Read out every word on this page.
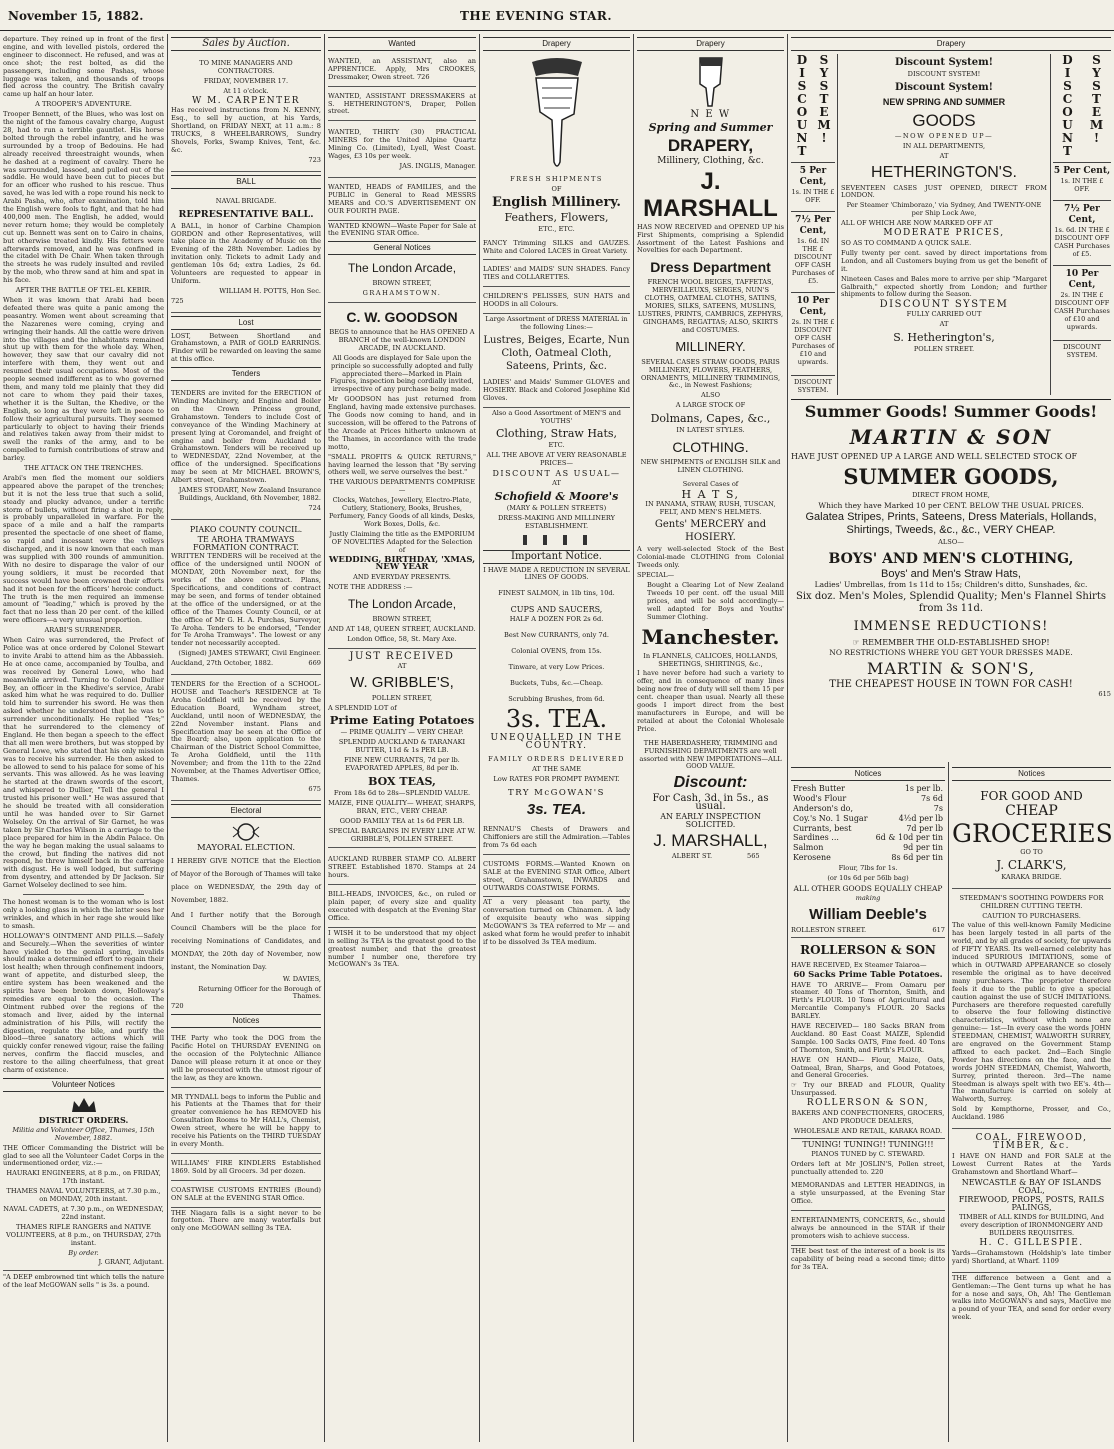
November 15, 1882.	THE EVENING STAR.

departure. They reined up in front of the first engine, and with levelled pistols, ordered the engineer to disconnect. He refused, and was at once shot; the rest bolted, as did the passengers, including some Pashas, whose luggage was taken, and thousands of troops fled across the country. The British cavalry came up half an hour later.

A TROOPER'S ADVENTURE.

Trooper Bennett, of the Blues, who was lost on the night of the famous cavalry charge, August 28, had to run a terrible gauntlet. His horse bolted through the rebel infantry, and he was surrounded by a troop of Bedouins. He had already received threestraight wounds, when he dashed at a regiment of cavalry. There he was surrounded, lassoed, and pulled out of the saddle. He would have been cut to pieces but for an officer who rushed to his rescue. Thus saved, he was led with a rope round his neck to Arabi Pasha, who, after examination, told him the English were fools to fight, and that he had 400,000 men. The English, he added, would never return home; they would be completely cut up. Bennett was sent on to Cairo in chains, but otherwise treated kindly. His fetters were afterwards removed, and he was confined in the citadel with De Chair. When taken through the streets he was rudely insulted and reviled by the mob, who threw sand at him and spat in his face.

AFTER THE BATTLE OF TEL-EL KEBIR.

When it was known that Arabi had been defeated there was quite a panic among the peasantry. Women went about screaming that the Nazarenes were coming, crying and wringing their hands. All the cattle were driven into the villages and the inhabitants remained shut up with them for the whole day. When, however, they saw that our cavalry did not interfere with them, they went out and resumed their usual occupations. Most of the people seemed indifferent as to who governed them, and many told me plainly that they did not care to whom they paid their taxes, whether it is the Sultan, the Khedive, or the English, so long as they were left in peace to follow their agricultural pursuits. They seemed particularly to object to having their friends and relatives taken away from their midst to swell the ranks of the army, and to be compelled to furnish contributions of straw and barley.

THE ATTACK ON THE TRENCHES.

Arabi's men fled the moment our soldiers appeared above the parapet of the trenches; but it is not the less true that such a solid, steady and plucky advance, under a terrific storm of bullets, without firing a shot in reply, is probably unparalleled in warfare. For the space of a mile and a half the ramparts presented the spectacle of one sheet of flame, so rapid and incessant were the volleys discharged, and it is now known that each man was supplied with 300 rounds of ammunition. With no desire to disparage the valor of our young soldiers, it must be recorded that success would have been crowned their efforts had it not been for the officers' heroic conduct. The truth is the men required an immense amount of "leading," which is proved by the fact that no less than 20 per cent. of the killed were officers—a very unusual proportion.

ARABI'S SURRENDER.

When Cairo was surrendered, the Prefect of Police was at once ordered by Colonel Stewart to invite Arabi to attend him as the Abbassieh. He at once came, accompanied by Toulba, and was received by General Lowe, who had meanwhile arrived. Turning to Colonel Dullier Bey, an officer in the Khedive's service, Arabi asked him what he was required to do. Dullier told him to surrender his sword. He was then asked whether he understood that he was to surrender unconditionally. He replied "Yes;" that he surrendered to the clemency of England. He then began a speech to the effect that all men were brothers, but was stopped by General Lowe, who stated that his only mission was to receive his surrender. He then asked to be allowed to send to his palace for some of his servants. This was allowed. As he was leaving he started at the drawn swords of the escort, and whispered to Dullier, "Tell the general I trusted his prisoner well." He was assured that he should be treated with all consideration until he was handed over to Sir Garnet Wolseley. On the arrival of Sir Garnet, he was taken by Sir Charles Wilson in a carriage to the place prepared for him in the Abdin Palace. On the way he began making the usual salaams to the crowd, but finding the natives did not respond, he threw himself back in the carriage with disgust. He is well lodged, but suffering from dysentry, and attended by Dr Jackson. Sir Garnet Wolseley declined to see him.

The honest woman is to the woman who is lost only a looking glass in which the latter sees her wrinkles, and which in her rage she would like to smash.

HOLLOWAY'S OINTMENT AND PILLS.—Safely and Securely.—When the severities of winter have yielded to the genial spring, invalids should make a determined effort to regain their lost health; when through confinement indoors, want of appetite, and disturbed sleep, the entire system has been weakened and the spirits have been broken down, Holloway's remedies are equal to the occasion. The Ointment rubbed over the regions of the stomach and liver, aided by the internal administration of his Pills, will rectify the digestion, regulate the bile, and purify the blood—three sanatory actions which will quickly confer renewed vigour, raise the failing nerves, confirm the flaccid muscles, and restore to the ailing cheerfulness, that great charm of existence.

Volunteer Notices

DISTRICT ORDERS.

Militia and Volunteer Office, Thames, 15th November, 1882.

THE Officer Commanding the District will be glad to see all the Volunteer Cadet Corps in the undermentioned order, viz.:—

HAURAKI ENGINEERS, at 8 p.m., on FRIDAY, 17th instant.

THAMES NAVAL VOLUNTEERS, at 7.30 p.m., on MONDAY, 20th instant.

NAVAL CADETS, at 7.30 p.m., on WEDNESDAY, 22nd instant.

THAMES RIFLE RANGERS and NATIVE VOLUNTEERS, at 8 p.m., on THURSDAY, 27th instant.

By order.

J. GRANT, Adjutant.

"A DEEP embrowned tint which tells the nature of the leaf McGOWAN sells " is 3s. a pound.

Sales by Auction.

TO MINE MANAGERS AND CONTRACTORS.

FRIDAY, NOVEMBER 17.

At 11 o'clock.

W M. CARPENTER

Has received instructions from N. KENNY, Esq., to sell by auction, at his Yards, Shortland, on FRIDAY NEXT, at 11 a.m.: 8 TRUCKS, 8 WHEELBARROWS, Sundry Shovels, Forks, Swamp Knives, Tent, &c. &c.

723

BALL

NAVAL BRIGADE.

REPRESENTATIVE BALL.

A BALL, in honor of Carbine Champion GORDON and other Representatives, will take place in the Academy of Music on the Evening of the 28th November. Ladies by invitation only. Tickets to admit Lady and gentleman 10s 6d; extra Ladies, 2s 6d. Volunteers are requested to appear in Uniform.

WILLIAM H. POTTS, Hon Sec.

725

Lost

LOST, Between Shortland and Grahamstown, a PAIR of GOLD EARRINGS. Finder will be rewarded on leaving the same at this office.

Tenders

TENDERS are invited for the ERECTION of Winding Machinery, and Engine and Boiler on the Crown Princess ground, Grahamstown. Tenders to include Cost of conveyance of the Winding Machinery at present lying at Coromandel, and freight of engine and boiler from Auckland to Grahamstown. Tenders will be received up to WEDNESDAY, 22nd November, at the office of the undersigned. Specifications may be seen at Mr MICHAEL BROWN'S, Albert street, Grahamstown.

JAMES STODART, New Zealand Insurance Buildings, Auckland, 6th November, 1882.

724

PIAKO COUNTY COUNCIL.

TE AROHA TRAMWAYS FORMATION CONTRACT.

WRITTEN TENDERS will be received at the office of the undersigned until NOON of MONDAY, 20th November next, for the works of the above contract. Plans, Specifications, and conditions of contract may be seen, and forms of tender obtained at the office of the undersigned, or at the office of the Thames County Council, or at the office of Mr G. H. A. Purchas, Surveyor, Te Aroha. Tenders to be endorsed, "Tender for Te Aroha Tramways". The lowest or any tender not necessarily accepted.

(Signed) JAMES STEWART, Civil Engineer.

Auckland, 27th October, 1882.	669

TENDERS for the Erection of a SCHOOL-HOUSE and Teacher's RESIDENCE at Te Aroha Goldfield will be received by the Education Board, Wyndham street, Auckland, until noon of WEDNESDAY, the 22nd November instant. Plans and Specification may be seen at the Office of the Board; also, upon application to the Chairman of the District School Committee, Te Aroha Goldfield, until the 11th November; and from the 11th to the 22nd November, at the Thames Advertiser Office, Thames.

675

Electoral

MAYORAL ELECTION.

I HEREBY GIVE NOTICE that the Election of Mayor of the Borough of Thames will take place on WEDNESDAY, the 29th day of November, 1882.

And I further notify that the Borough Council Chambers will be the place for receiving Nominations of Candidates, and MONDAY, the 20th day of November, now instant, the Nomination Day.

W. DAVIES,

Returning Officer for the Borough of Thames.

720

Notices

THE Party who took the DOG from the Pacific Hotel on THURSDAY EVENING on the occasion of the Polytechnic Alliance Dance will please return it at once or they will be prosecuted with the utmost rigour of the law, as they are known.

MR TYNDALL begs to inform the Public and his Patients at the Thames that for their greater convenience he has REMOVED his Consultation Rooms to Mr HALL's, Chemist, Owen street, where he will be happy to receive his Patients on the THIRD TUESDAY in every Month.

WILLIAMS' FIRE KINDLERS Established 1869. Sold by all Grocers. 3d per dozen.

COASTWISE CUSTOMS ENTRIES (Bound) ON SALE at the EVENING STAR Office.

THE Niagara falls is a sight never to be forgotten. There are many waterfalls but only one McGOWAN selling 3s TEA.

Wanted

WANTED, an ASSISTANT, also an APPRENTICE. Apply, Mrs CROOKES, Dressmaker, Owen street. 726

WANTED, ASSISTANT DRESSMAKERS at S. HETHERINGTON'S, Draper, Pollen street.

WANTED, THIRTY (30) PRACTICAL MINERS for the United Alpine Quartz Mining Co. (Limited), Lyell, West Coast. Wages, £3 10s per week.

JAS. INGLIS, Manager.

WANTED, HEADS of FAMILIES, and the PUBLIC in General to Read MESSRS MEARS and CO.'S ADVERTISEMENT ON OUR FOURTH PAGE.

WANTED KNOWN—Waste Paper for Sale at the EVENING STAR Office.

General Notices

The London Arcade,

BROWN STREET,

GRAHAMSTOWN.

C. W. GOODSON

BEGS to announce that he HAS OPENED A BRANCH of the well-known LONDON ARCADE, IN AUCKLAND.

All Goods are displayed for Sale upon the principle so successfully adopted and fully appreciated there—Marked in Plain Figures, inspection being cordially invited, irrespective of any purchase being made.

Mr GOODSON has just returned from England, having made extensive purchases. The Goods now coming to hand, and in succession, will be offered to the Patrons of the Arcade at Prices hitherto unknown at the Thames, in accordance with the trade motto,

"SMALL PROFITS & QUICK RETURNS," having learned the lesson that "By serving others well, we serve ourselves the best."

THE VARIOUS DEPARTMENTS COMPRISE—

Clocks, Watches, Jewellery, Electro-Plate, Cutlery, Stationery, Books, Brushes, Perfumery, Fancy Goods of all kinds, Desks, Work Boxes, Dolls, &c.

Justly Claiming the title as the EMPORIUM OF NOVELTIES Adapted for the Selection of

WEDDING, BIRTHDAY, 'XMAS, NEW YEAR

AND EVERYDAY PRESENTS.

NOTE THE ADDRESS :—

The London Arcade,

BROWN STREET,

AND AT 148, QUEEN STREET, AUCKLAND.

London Office, 58, St. Mary Axe.

JUST RECEIVED

AT

W. GRIBBLE'S,

POLLEN STREET,

A SPLENDID LOT of

Prime Eating Potatoes

— PRIME QUALITY — VERY CHEAP.

SPLENDID AUCKLAND & TARANAKI BUTTER, 11d & 1s PER LB.

FINE NEW CURRANTS, 7d per lb. EVAPORATED APPLES, 8d per lb.

BOX TEAS,

From 18s 6d to 28s—SPLENDID VALUE.

MAIZE, FINE QUALITY— WHEAT, SHARPS, BRAN, ETC., VERY CHEAP.

GOOD FAMILY TEA at 1s 6d PER LB.

SPECIAL BARGAINS IN EVERY LINE AT W. GRIBBLE'S, POLLEN STREET.

AUCKLAND RUBBER STAMP CO. ALBERT STREET. Established 1870. Stamps at 24 hours.

BILL-HEADS, INVOICES, &c., on ruled or plain paper, of every size and quality executed with despatch at the Evening Star Office.

I WISH it to be understood that my object in selling 3s TEA is the greatest good to the greatest number, and that the greatest number I number one, therefore try McGOWAN's 3s TEA.

Drapery

FRESH SHIPMENTS

OF

English Millinery.

Feathers, Flowers,

ETC., ETC.

FANCY Trimming SILKS and GAUZES. White and Colored LACES in Great Variety.

LADIES' and MAIDS' SUN SHADES. Fancy TIES and COLLARETTES.

CHILDREN'S PELISSES, SUN HATS and HOODS in all Colours.

Large Assortment of DRESS MATERIAL in the following Lines:—

Lustres, Beiges, Ecarte, Nun Cloth, Oatmeal Cloth, Sateens, Prints, &c.

LADIES' and Maids' Summer GLOVES and HOSIERY. Black and Colored Josephine Kid Gloves.

Also a Good Assortment of MEN'S and YOUTHS'

Clothing, Straw Hats,

ETC.

ALL THE ABOVE AT VERY REASONABLE PRICES—

DISCOUNT AS USUAL—

AT

Schofield & Moore's

(MARY & POLLEN STREETS)

DRESS-MAKING AND MILLINERY ESTABLISHMENT.

Important Notice.

I HAVE MADE A REDUCTION IN SEVERAL LINES OF GOODS.

FINEST SALMON, in 1lb tins, 10d.

CUPS AND SAUCERS,

HALF A DOZEN FOR 2s 6d.

Best New CURRANTS, only 7d.

Colonial OVENS, from 15s.

Tinware, at very Low Prices.

Buckets, Tubs, &c.—Cheap.

Scrubbing Brushes, from 6d.

3s. TEA.

UNEQUALLED IN THE COUNTRY.

FAMILY ORDERS DELIVERED

AT THE SAME

Low RATES FOR PROMPT PAYMENT.

TRY McGOWAN'S

3s. TEA.

RENNAU'S Chests of Drawers and Chiffoniers are still the Admiration.—Tables from 7s 6d each

CUSTOMS FORMS.—Wanted Known on SALE at the EVENING STAR Office, Albert street, Grahamstown, INWARDS and OUTWARDS COASTWISE FORMS.

AT a very pleasant tea party, the conversation turned on Chinamen. A lady of exquisite beauty who was sipping McGOWAN'S 3s TEA referred to Mr — and asked what form he would prefer to inhabit if to be dissolved 3s TEA medium.

Drapery

N E W

Spring and Summer

DRAPERY,

Millinery, Clothing, &c.

J. MARSHALL

HAS NOW RECEIVED and OPENED UP his First Shipments, comprising a Splendid Assortment of the Latest Fashions and Novelties for each Department.

Dress Department

FRENCH WOOL BEIGES, TAFFETAS, MERVEILLEUXS, SERGES, NUN'S CLOTHS, OATMEAL CLOTHS, SATINS, MORIES, SILKS, SATEENS, MUSLINS, LUSTRES, PRINTS, CAMBRICS, ZEPHYRS, GINGHAMS, REGATTAS; ALSO, SKIRTS and COSTUMES.

MILLINERY.

SEVERAL CASES STRAW GOODS, PARIS MILLINERY, FLOWERS, FEATHERS, ORNAMENTS, MILLINERY TRIMMINGS, &c., in Newest Fashions;

ALSO

A LARGE STOCK OF

Dolmans, Capes, &c.,

IN LATEST STYLES.

CLOTHING.

NEW SHIPMENTS of ENGLISH SILK and LINEN CLOTHING.

Several Cases of

H A T S,

IN PANAMA, STRAW, RUSH, TUSCAN, FELT, AND MEN'S HELMETS.

Gents' MERCERY and HOSIERY.

A very well-selected Stock of the Best Colonial-made CLOTHING from Colonial Tweeds only.

SPECIAL—

Bought a Clearing Lot of New Zealand Tweeds 10 per cent. off the usual Mill prices, and will be sold accordingly—well adapted for Boys and Youths' Summer Clothing.

Manchester.

In FLANNELS, CALICOES, HOLLANDS, SHEETINGS, SHIRTINGS, &c.,

I have never before had such a variety to offer, and in consequence of many lines being now free of duty will sell them 15 per cent. cheaper than usual. Nearly all these goods I import direct from the best manufacturers in Europe, and will be retailed at about the Colonial Wholesale Price.

THE HABERDASHERY, TRIMMING and FURNISHING DEPARTMENTS are well assorted with NEW IMPORTATIONS—ALL GOOD VALUE.

Discount:

For Cash, 3d. in 5s., as usual.

AN EARLY INSPECTION SOLICITED.

J. MARSHALL,

ALBERT ST.	565

Drapery
D
I
S
C
O
U
N
T
S
Y
S
T
E
M
!
5 Per Cent,
1s. IN THE £
OFF.
7½ Per Cent,
1s. 6d. IN THE £
DISCOUNT OFF CASH Purchases of £5.
10 Per Cent,
2s. IN THE £
DISCOUNT OFF CASH Purchases of £10 and upwards.
DISCOUNT SYSTEM.

Discount System!

DISCOUNT SYSTEM!

Discount System!

NEW SPRING AND SUMMER

GOODS

—NOW OPENED UP—

IN ALL DEPARTMENTS,

AT

HETHERINGTON'S.

SEVENTEEN CASES JUST OPENED, DIRECT FROM LONDON.

Per Steamer 'Chimborazo,' via Sydney, And TWENTY-ONE per Ship Lock Awe,

ALL OF WHICH ARE NOW MARKED OFF AT

MODERATE PRICES,

SO AS TO COMMAND A QUICK SALE.

Fully twenty per cent. saved by direct importations from London, and all Customers buying from us get the benefit of it.

Nineteen Cases and Bales more to arrive per ship "Margaret Galbraith," expected shortly from London; and further shipments to follow during the Season.

DISCOUNT SYSTEM

FULLY CARRIED OUT

AT

S. Hetherington's,

POLLEN STREET.

D
I
S
C
O
U
N
T
S
Y
S
T
E
M
!
5 Per Cent,
1s. IN THE £
OFF.
7½ Per Cent,
1s. 6d. IN THE £
DISCOUNT OFF CASH Purchases of £5.
10 Per Cent,
2s. IN THE £
DISCOUNT OFF CASH Purchases of £10 and upwards.
DISCOUNT SYSTEM.

Summer Goods! Summer Goods!

MARTIN & SON

HAVE JUST OPENED UP A LARGE AND WELL SELECTED STOCK OF

SUMMER GOODS,

DIRECT FROM HOME,

Which they have Marked 10 per CENT. BELOW THE USUAL PRICES.

Galatea Stripes, Prints, Sateens, Dress Materials, Hollands, Shirtings, Tweeds, &c., &c., VERY CHEAP.

ALSO—

BOYS' AND MEN'S CLOTHING,

Boys' and Men's Straw Hats,

Ladies' Umbrellas, from 1s 11d to 15s; Children's ditto, Sunshades, &c.

Six doz. Men's Moles, Splendid Quality; Men's Flannel Shirts from 3s 11d.

IMMENSE REDUCTIONS!

☞ REMEMBER THE OLD-ESTABLISHED SHOP!

NO RESTRICTIONS WHERE YOU GET YOUR DRESSES MADE.

MARTIN & SON'S,

THE CHEAPEST HOUSE IN TOWN FOR CASH!

615

Notices
Fresh Butter	1s per lb.
Wood's Flour	7s 6d
Anderson's do,	7s
Coy.'s No. 1 Sugar	4½d per lb
Currants, best	7d per lb
Sardines ...	6d & 10d per tin
Salmon	9d per tin
Kerosene	8s 6d per tin

Flour, 7lbs for 1s.

(or 10s 6d per 56lb bag)

ALL OTHER GOODS EQUALLY CHEAP

making

William Deeble's

ROLLESTON STREET.	617

ROLLERSON & SON

HAVE RECEIVED, Ex Steamer Taiaroa—

60 Sacks Prime Table Potatoes.

HAVE TO ARRIVE— From Oamaru per steamer. 40 Tons of Thornton, Smith, and Firth's FLOUR. 10 Tons of Agricultural and Mercantile Company's FLOUR. 20 Sacks BARLEY.

HAVE RECEIVED— 180 Sacks BRAN from Auckland. 80 East Coast MAIZE, Splendid Sample. 100 Sacks OATS, Fine feed. 40 Tons of Thornton, Smith, and Firth's FLOUR.

HAVE ON HAND— Flour, Maize, Oats, Oatmeal, Bran, Sharps, and Good Potatoes, and General Groceries.

☞ Try our BREAD and FLOUR, Quality Unsurpassed.

ROLLERSON & SON,

BAKERS AND CONFECTIONERS, GROCERS, AND PRODUCE DEALERS,

WHOLESALE AND RETAIL, KARAKA ROAD.

TUNING! TUNING!! TUNING!!!

PIANOS TUNED by C. STEWARD.

Orders left at Mr JOSLIN'S, Pollen street, punctually attended to. 220

MEMORANDAS and LETTER HEADINGS, in a style unsurpassed, at the Evening Star Office.

ENTERTAINMENTS, CONCERTS, &c., should always be announced in the STAR if their promoters wish to achieve success.

THE best test of the interest of a book is its capability of being read a second time; ditto for 3s TEA.

Notices

FOR GOOD AND

CHEAP

GROCERIES

GO TO

J. CLARK'S,

KARAKA BRIDGE.

STEEDMAN'S SOOTHING POWDERS FOR CHILDREN CUTTING TEETH.

CAUTION TO PURCHASERS.

The value of this well-known Family Medicine has been largely tested in all parts of the world, and by all grades of society, for upwards of FIFTY YEARS. Its well-earned celebrity has induced SPURIOUS IMITATIONS, some of which in OUTWARD APPEARANCE so closely resemble the original as to have deceived many purchasers. The proprietor therefore feels it due to the public to give a special caution against the use of SUCH IMITATIONS. Purchasers are therefore requested carefully to observe the four following distinctive characteristics, without which none are genuine:— 1st—In every case the words JOHN STEEDMAN, CHEMIST, WALWORTH SURREY, are engraved on the Government Stamp affixed to each packet. 2nd—Each Single Powder has directions on the face, and the words JOHN STEEDMAN, Chemist, Walworth, Surrey, printed thereon. 3rd—The name Steedman is always spelt with two EE's. 4th—The manufacture is carried on solely at Walworth, Surrey.

Sold by Kempthorne, Prosser, and Co., Auckland. 1986

COAL, FIREWOOD, TIMBER, &c.

I HAVE ON HAND and FOR SALE at the Lowest Current Rates at the Yards Grahamstown and Shortland Wharf—

NEWCASTLE & BAY OF ISLANDS COAL,

FIREWOOD, PROPS, POSTS, RAILS PALINGS,

TIMBER of ALL KINDS for BUILDING, And every description of IRONMONGERY AND BUILDERS REQUISITES.

H. C. GILLESPIE.

Yards—Grahamstown (Holdship's late timber yard) Shortland, at Wharf. 1109

THE difference between a Gent and a Gentleman:—The Gent turns up what he has for a nose and says, Oh, Ah! The Gentleman walks into McGOWAN's and says, MacGive me a pound of your TEA, and send for order every week.
